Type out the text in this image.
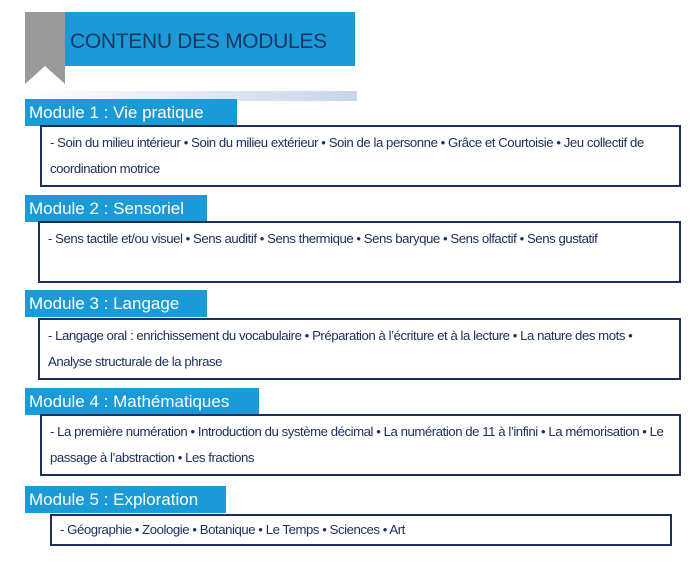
CONTENU DES MODULES
Module 1 : Vie pratique
- Soin du milieu intérieur • Soin du milieu extérieur • Soin de la personne • Grâce et Courtoisie • Jeu collectif de coordination motrice
Module 2 : Sensoriel
- Sens tactile et/ou visuel • Sens auditif • Sens thermique • Sens baryque • Sens olfactif • Sens gustatif
Module 3 : Langage
- Langage oral : enrichissement du vocabulaire • Préparation à l’écriture et à la lecture • La nature des mots • Analyse structurale de la phrase
Module 4 : Mathématiques
- La première numération • Introduction du système décimal • La numération de 11 à l’infini • La mémorisation • Le passage à l’abstraction • Les fractions
Module 5 : Exploration
- Géographie • Zoologie • Botanique • Le Temps • Sciences • Art
